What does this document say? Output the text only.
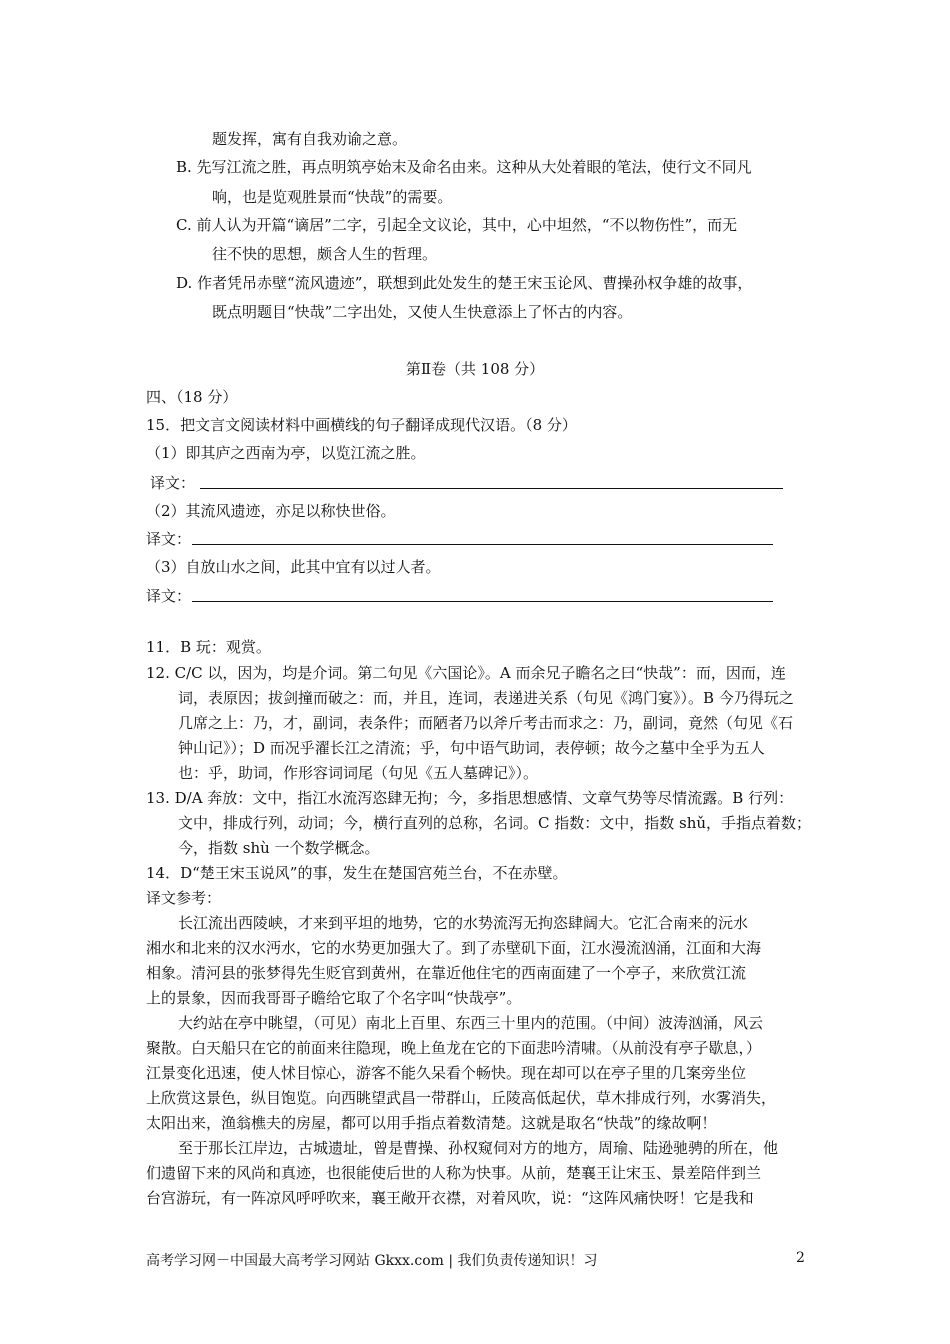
题发挥，寓有自我劝谕之意。
B. 先写江流之胜，再点明筑亭始末及命名由来。这种从大处着眼的笔法，使行文不同凡
响，也是览观胜景而“快哉”的需要。
C. 前人认为开篇“谪居”二字，引起全文议论，其中，心中坦然，“不以物伤性”，而无
往不快的思想，颇含人生的哲理。
D. 作者凭吊赤壁“流风遗迹”，联想到此处发生的楚王宋玉论风、曹操孙权争雄的故事，
既点明题目“快哉”二字出处，又使人生快意添上了怀古的内容。
第Ⅱ卷（共 108 分）
四、（18 分）
15．把文言文阅读材料中画横线的句子翻译成现代汉语。（8 分）
（1）即其庐之西南为亭，以览江流之胜。
译文：
（2）其流风遗迹，亦足以称快世俗。
译文：
（3）自放山水之间，此其中宜有以过人者。
译文：
11．B 玩：观赏。
12. C/C 以，因为，均是介词。第二句见《六国论》。A 而余兄子瞻名之曰“快哉”：而，因而，连
词，表原因；拔剑撞而破之：而，并且，连词，表递进关系（句见《鸿门宴》）。B 今乃得玩之
几席之上：乃，才，副词，表条件；而陋者乃以斧斤考击而求之：乃，副词，竟然（句见《石
钟山记》）；D 而况乎濯长江之清流；乎，句中语气助词，表停顿；故今之墓中全乎为五人
也：乎，助词，作形容词词尾（句见《五人墓碑记》）。
13. D/A 奔放：文中，指江水流泻恣肆无拘；今，多指思想感情、文章气势等尽情流露。B 行列：
文中，排成行列，动词；今，横行直列的总称，名词。C 指数：文中，指数 shǔ，手指点着数；
今，指数 shù 一个数学概念。
14．D“楚王宋玉说风”的事，发生在楚国宫苑兰台，不在赤壁。
译文参考：
长江流出西陵峡，才来到平坦的地势，它的水势流泻无拘恣肆阔大。它汇合南来的沅水
湘水和北来的汉水沔水，它的水势更加强大了。到了赤壁矶下面，江水漫流汹涌，江面和大海
相象。清河县的张梦得先生贬官到黄州，在靠近他住宅的西南面建了一个亭子，来欣赏江流
上的景象，因而我哥哥子瞻给它取了个名字叫“快哉亭”。
大约站在亭中眺望，（可见）南北上百里、东西三十里内的范围。（中间）波涛汹涌，风云
聚散。白天船只在它的前面来往隐现，晚上鱼龙在它的下面悲吟清啸。（从前没有亭子歇息，）
江景变化迅速，使人怵目惊心，游客不能久呆看个畅快。现在却可以在亭子里的几案旁坐位
上欣赏这景色，纵目饱览。向西眺望武昌一带群山，丘陵高低起伏，草木排成行列，水雾消失，
太阳出来，渔翁樵夫的房屋，都可以用手指点着数清楚。这就是取名“快哉”的缘故啊！
至于那长江岸边，古城遗址，曾是曹操、孙权窥伺对方的地方，周瑜、陆逊驰骋的所在，他
们遗留下来的风尚和真迹，也很能使后世的人称为快事。从前，楚襄王让宋玉、景差陪伴到兰
台宫游玩，有一阵凉风呼呼吹来，襄王敞开衣襟，对着风吹，说：“这阵风痛快呀！它是我和
高考学习网－中国最大高考学习网站 Gkxx.com | 我们负责传递知识！习	2
